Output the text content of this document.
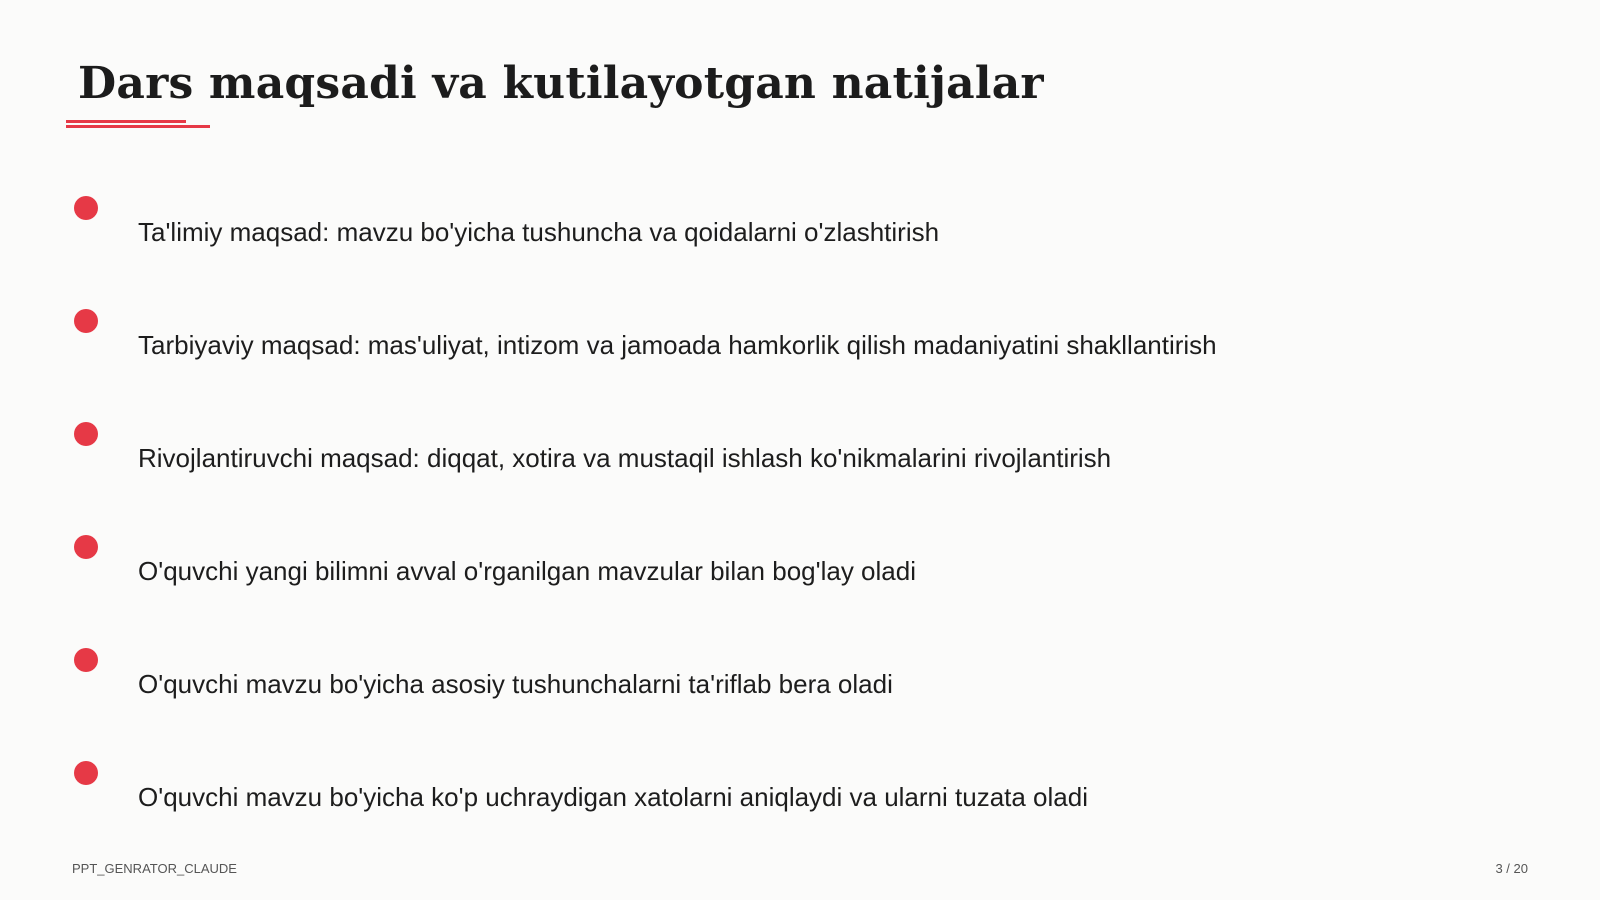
Dars maqsadi va kutilayotgan natijalar
Ta'limiy maqsad: mavzu bo'yicha tushuncha va qoidalarni o'zlashtirish
Tarbiyaviy maqsad: mas'uliyat, intizom va jamoada hamkorlik qilish madaniyatini shakllantirish
Rivojlantiruvchi maqsad: diqqat, xotira va mustaqil ishlash ko'nikmalarini rivojlantirish
O'quvchi yangi bilimni avval o'rganilgan mavzular bilan bog'lay oladi
O'quvchi mavzu bo'yicha asosiy tushunchalarni ta'riflab bera oladi
O'quvchi mavzu bo'yicha ko'p uchraydigan xatolarni aniqlaydi va ularni tuzata oladi
PPT_GENRATOR_CLAUDE	3 / 20
